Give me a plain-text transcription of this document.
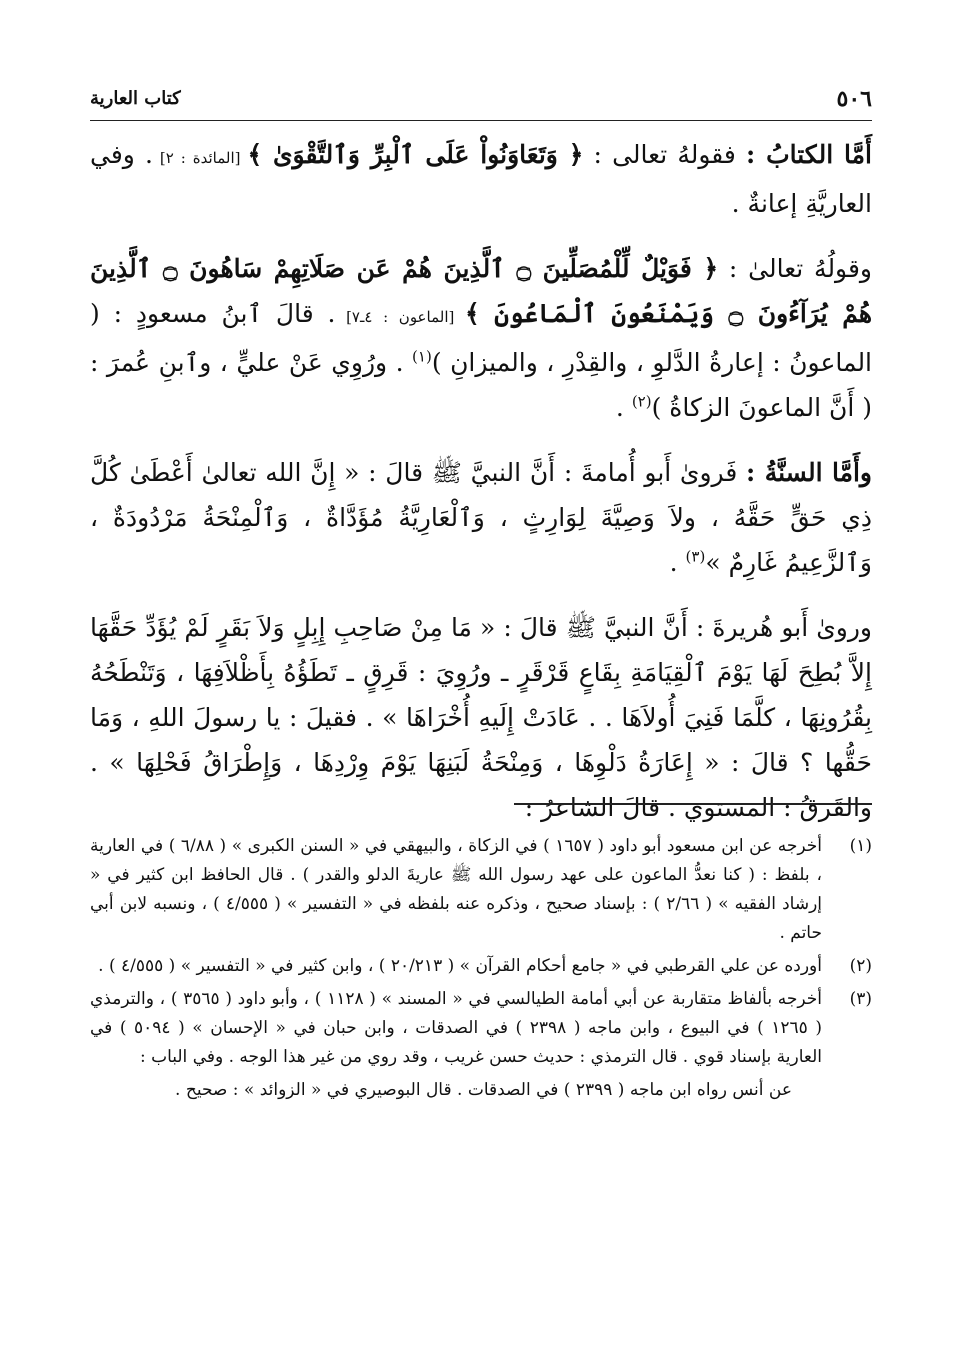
٥٠٦
كتاب العارية

أَمَّا الكتابُ : فقولهُ تعالى : ﴿ وَتَعَاوَنُواْ عَلَى ٱلْبِرِّ وَٱلتَّقْوَىٰ ﴾ [المائدة : ٢] . وفي العاريَّةِ إعانةٌ .

وقولُهُ تعالىٰ : ﴿ فَوَيْلٌ لِّلْمُصَلِّينَ ۝ ٱلَّذِينَ هُمْ عَن صَلَاتِهِمْ سَاهُونَ ۝ ٱلَّذِينَ هُمْ يُرَآءُونَ ۝ وَيَمْنَعُونَ ٱلْمَاعُونَ ﴾ [الماعون : ٤ـ٧] . قالَ ٱبنُ مسعودٍ : ( الماعونُ : إعارةُ الدَّلوِ ، والقِدْرِ ، والميزانِ )$^{(١)}$ . ورُوِي عَنْ عليٍّ ، وٱبنِ عُمرَ : ( أَنَّ الماعونَ الزكاةُ )$^{(٢)}$ .

وأَمَّا السنَّةُ : فَروىٰ أَبو أُمامةَ : أَنَّ النبيَّ ﷺ قالَ : « إِنَّ الله تعالىٰ أَعْطَىٰ كُلَّ ذِي حَقٍّ حَقَّهُ ، ولاَ وَصِيَّةَ لِوَارِثٍ ، وَٱلْعَارِيَّةُ مُؤَدَّاةٌ ، وَٱلْمِنْحَةُ مَرْدُودَةٌ ، وَٱلزَّعِيمُ غَارِمٌ »$^{(٣)}$ .

وروىٰ أَبو هُريرةَ : أَنَّ النبيَّ ﷺ قالَ : « مَا مِنْ صَاحِبِ إِبِلٍ وَلاَ بَقَرٍ لَمْ يُؤَدِّ حَقَّهَا إِلاَّ بُطِحَ لَهَا يَوْمَ ٱلْقِيَامَةِ بِقَاعٍ قَرْقَرٍ ـ ورُوِيَ : قَرِقٍ ـ تَطَؤُهُ بِأَظْلاَفِهَا ، وَتَنْطَحُهُ بِقُرُونِهَا ، كلَّمَا فَنِيَ أُولاَهَا . . عَادَتْ إِلَيهِ أُخْرَاهَا » . فقيلَ : يا رسولَ اللهِ ، وَمَا حَقُّها ؟ قالَ : « إِعَارَةُ دَلْوِهَا ، وَمِنْحَةُ لَبَنِهَا يَوْمَ وِرْدِهَا ، وَإِطْرَاقُ فَحْلِهَا » . والقَرقُ : المستوي . قالَ الشاعرُ :

(١)
أخرجه عن ابن مسعود أبو داود ( ١٦٥٧ ) في الزكاة ، والبيهقي في « السنن الكبرى » ( ٦/٨٨ ) في العارية ، بلفظ : ( كنا نعدُّ الماعون على عهد رسول الله ﷺ عاريةَ الدلو والقدر ) . قال الحافظ ابن كثير في « إرشاد الفقيه » ( ٢/٦٦ ) : بإسناد صحيح ، وذكره عنه بلفظه في « التفسير » ( ٤/٥٥٥ ) ، ونسبه لابن أبي حاتم .
(٢)
أورده عن علي القرطبي في « جامع أحكام القرآن » ( ٢٠/٢١٣ ) ، وابن كثير في « التفسير » ( ٤/٥٥٥ ) .
(٣)
أخرجه بألفاظ متقاربة عن أبي أمامة الطيالسي في « المسند » ( ١١٢٨ ) ، وأبو داود ( ٣٥٦٥ ) ، والترمذي ( ١٢٦٥ ) في البيوع ، وابن ماجه ( ٢٣٩٨ ) في الصدقات ، وابن حبان في « الإحسان » ( ٥٠٩٤ ) في العارية بإسناد قوي . قال الترمذي : حديث حسن غريب ، وقد روي من غير هذا الوجه . وفي الباب :
عن أنس رواه ابن ماجه ( ٢٣٩٩ ) في الصدقات . قال البوصيري في « الزوائد » : صحيح .
